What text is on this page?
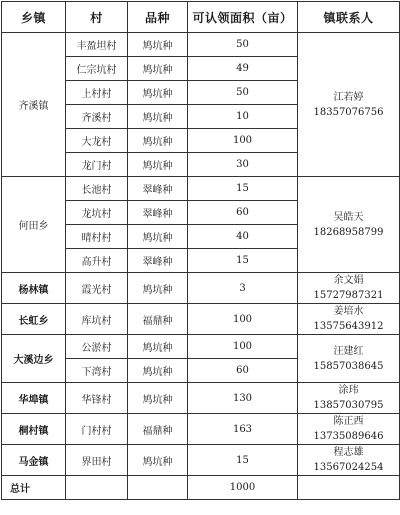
乡镇	村	品种	可认领面积（亩）	镇联系人
齐溪镇	丰盈坦村	鸠坑种	50	江若婷
18357076756

	仁宗坑村	鸠坑种	49	
	上村村	鸠坑种	50	
	齐溪村	鸠坑种	10	
	大龙村	鸠坑种	100	
	龙门村	鸠坑种	30	
何田乡	长池村	翠峰种	15	吴皓天
18268958799

	龙坑村	翠峰种	60	
	晴村村	鸠坑种	40	
	高升村	翠峰种	15	
杨林镇	霞光村	鸠坑种	3	余文娟
15727987321

长虹乡	库坑村	福鼎种	100	姜培水
13575643912

大溪边乡	公淤村	鸠坑种	100	汪建红
15857038645

	下湾村	鸠坑种	60	
华埠镇	华锋村	鸠坑种	130	涂玮
13857030795

桐村镇	门村村	福鼎种	163	陈正西
13735089646

马金镇	界田村	鸠坑种	15	程志雄
13567024254

总计			1000	
